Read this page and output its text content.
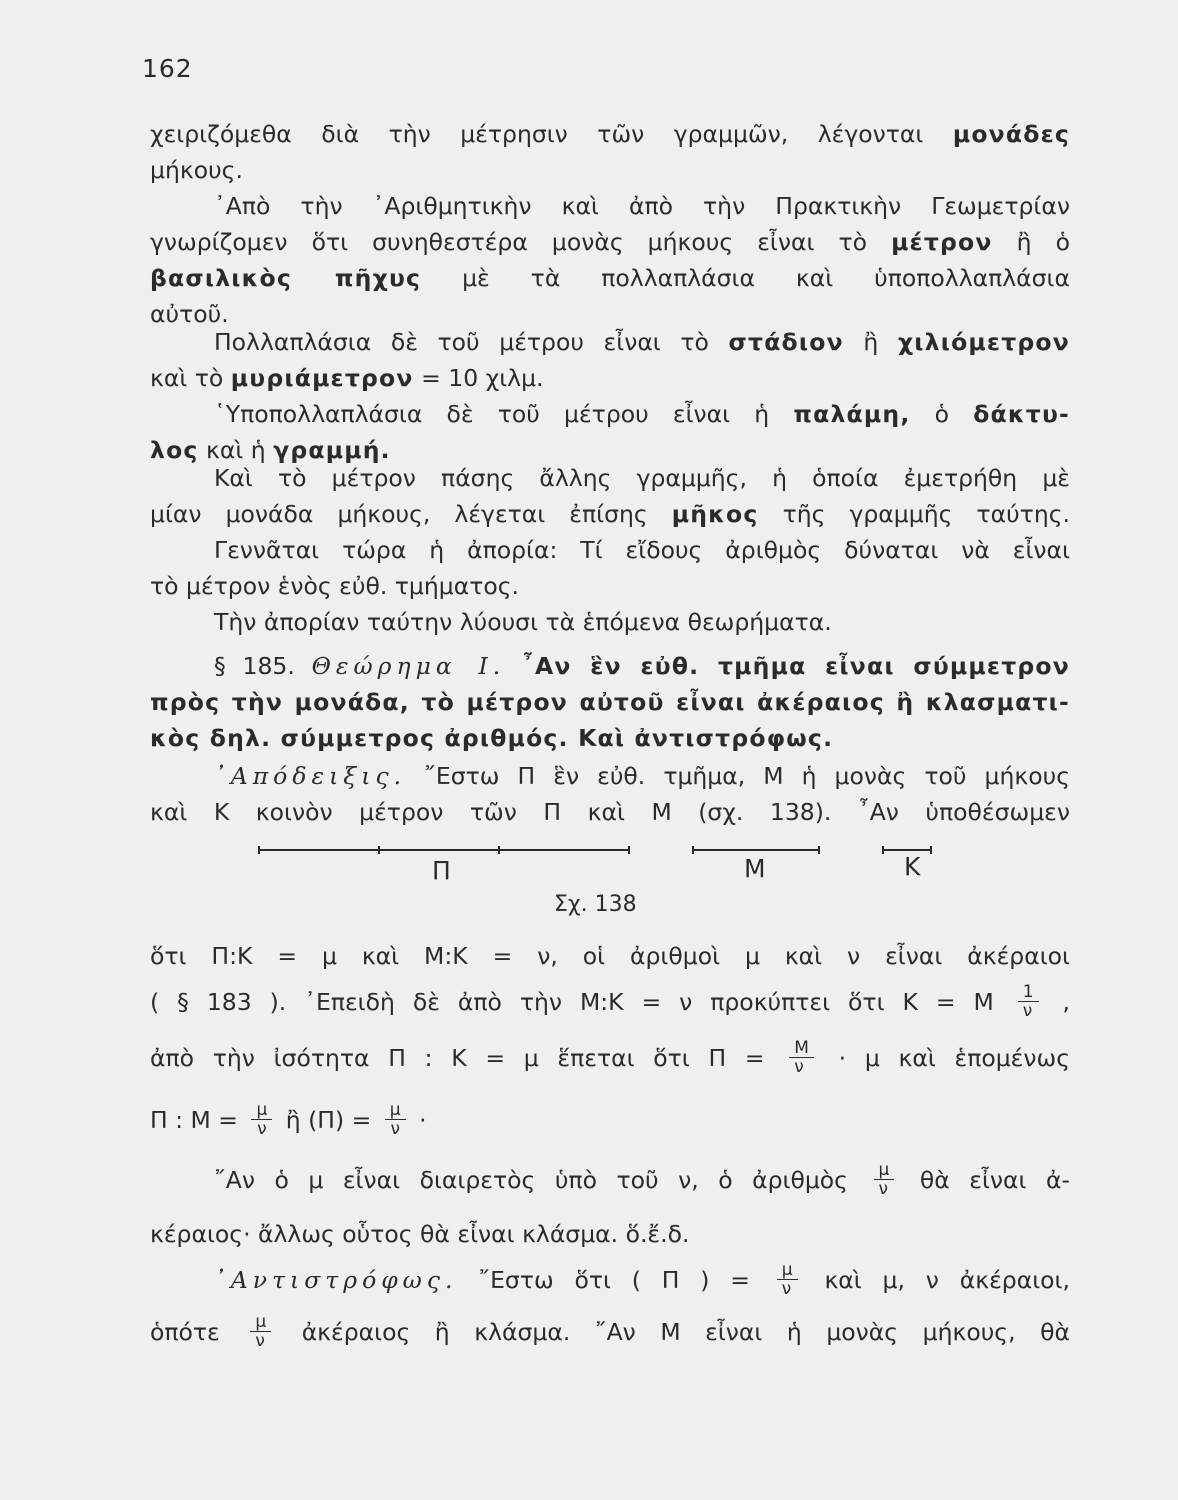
162
χειριζόμεθα διὰ τὴν μέτρησιν τῶν γραμμῶν, λέγονται μονάδες
μήκους.
᾿Απὸ τὴν ᾿Αριθμητικὴν καὶ ἀπὸ τὴν Πρακτικὴν Γεωμετρίαν
γνωρίζομεν ὅτι συνηθεστέρα μονὰς μήκους εἶναι τὸ μέτρον ἢ ὁ
βασιλικὸς πῆχυς μὲ τὰ πολλαπλάσια καὶ ὑποπολλαπλάσια
αὐτοῦ.
Πολλαπλάσια δὲ τοῦ μέτρου εἶναι τὸ στάδιον ἢ χιλιόμετρον
καὶ τὸ μυριάμετρον = 10 χιλμ.
῾Υποπολλαπλάσια δὲ τοῦ μέτρου εἶναι ἡ παλάμη, ὁ δάκτυ-
λος καὶ ἡ γραμμή.
Καὶ τὸ μέτρον πάσης ἄλλης γραμμῆς, ἡ ὁποία ἐμετρήθη μὲ
μίαν μονάδα μήκους, λέγεται ἐπίσης μῆκος τῆς γραμμῆς ταύτης.
Γεννᾶται τώρα ἡ ἀπορία: Τί εἴδους ἀριθμὸς δύναται νὰ εἶναι
τὸ μέτρον ἑνὸς εὐθ. τμήματος.
Τὴν ἀπορίαν ταύτην λύουσι τὰ ἑπόμενα θεωρήματα.
§ 185. Θεώρημα I. ῏Αν ἓν εὐθ. τμῆμα εἶναι σύμμετρον
πρὸς τὴν μονάδα, τὸ μέτρον αὐτοῦ εἶναι ἀκέραιος ἢ κλασματι-
κὸς δηλ. σύμμετρος ἀριθμός. Καὶ ἀντιστρόφως.
᾿Απόδειξις. ῎Εστω Π ἓν εὐθ. τμῆμα, Μ ἡ μονὰς τοῦ μήκους
καὶ Κ κοινὸν μέτρον τῶν Π καὶ Μ (σχ. 138). ῏Αν ὑποθέσωμεν
Π	Μ	Κ
Σχ. 138
ὅτι Π:Κ = μ καὶ Μ:Κ = ν, οἱ ἀριθμοὶ μ καὶ ν εἶναι ἀκέραιοι
( § 183 ). ᾿Επειδὴ δὲ ἀπὸ τὴν Μ:Κ = ν προκύπτει ὅτι Κ = Μ $\frac{1}{\nu}$ ,
ἀπὸ τὴν ἰσότητα Π : Κ = μ ἕπεται ὅτι $\Pi = \frac{M}{\nu} \cdot \mu$ καὶ ἑπομένως
Π : $M = \frac{\mu}{\nu}$ ἢ $(\Pi) = \frac{\mu}{\nu}$ ·
῎Αν ὁ μ εἶναι διαιρετὸς ὑπὸ τοῦ ν, ὁ ἀριθμὸς $\frac{\mu}{\nu}$ θὰ εἶναι ἀ-
κέραιος· ἄλλως οὗτος θὰ εἶναι κλάσμα. ὅ.ἔ.δ.
᾿Αντιστρόφως. ῎Εστω ὅτι ( Π ) = $\frac{\mu}{\nu}$ καὶ μ, ν ἀκέραιοι,
ὁπότε $\frac{\mu}{\nu}$ ἀκέραιος ἢ κλάσμα. ῎Αν Μ εἶναι ἡ μονὰς μήκους, θὰ
